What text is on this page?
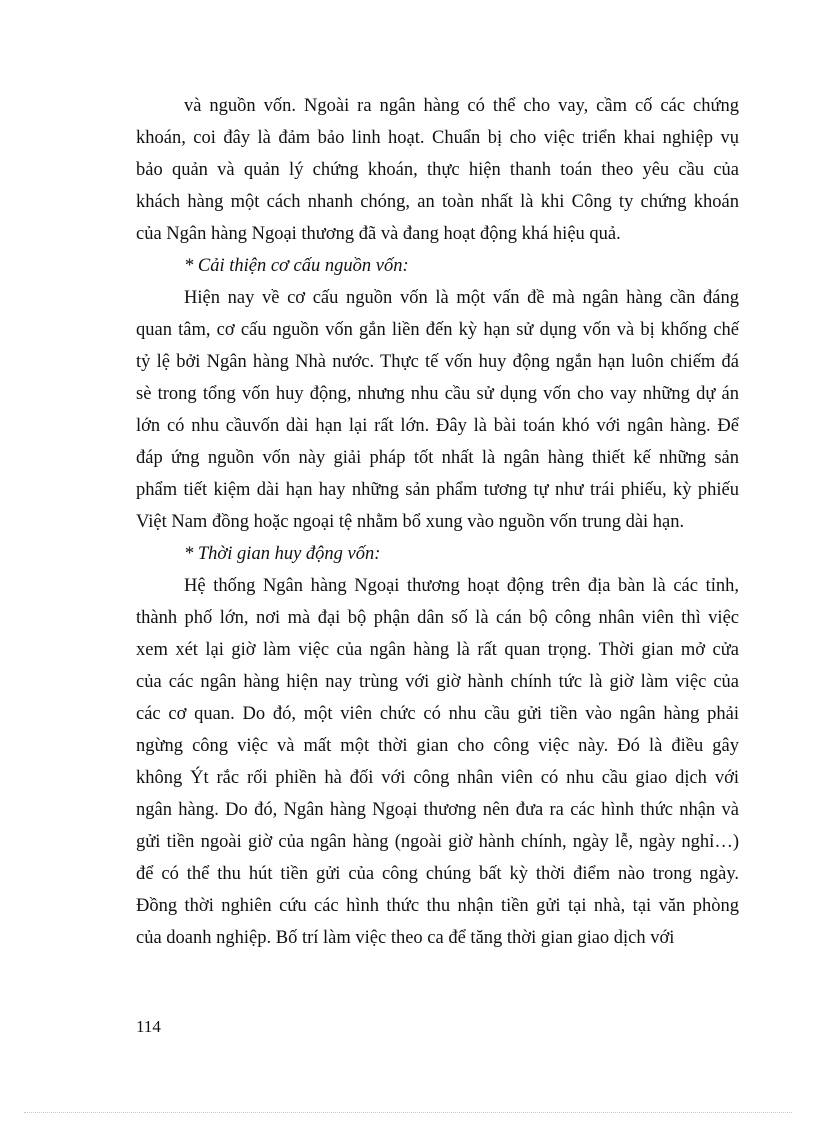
và nguồn vốn. Ngoài ra ngân hàng có thể cho vay, cầm cố các chứng
khoán, coi đây là đảm bảo linh hoạt. Chuẩn bị cho việc triển khai nghiệp vụ
bảo quản và quản lý chứng khoán, thực hiện thanh toán theo yêu cầu của
khách hàng một cách nhanh chóng, an toàn nhất là khi Công ty chứng khoán
của Ngân hàng Ngoại thương đã và đang hoạt động khá hiệu quả.
* Cải thiện cơ cấu nguồn vốn:
Hiện nay về cơ cấu nguồn vốn là một vấn đề mà ngân hàng cần đáng
quan tâm, cơ cấu nguồn vốn gắn liền đến kỳ hạn sử dụng vốn và bị khống chế
tỷ lệ bởi Ngân hàng Nhà nước. Thực tế vốn huy động ngắn hạn luôn chiếm đá
sè trong tổng vốn huy động, nhưng nhu cầu sử dụng vốn cho vay những dự án
lớn có nhu cầuvốn dài hạn lại rất lớn. Đây là bài toán khó với ngân hàng. Để
đáp ứng nguồn vốn này giải pháp tốt nhất là ngân hàng thiết kế những sản
phẩm tiết kiệm dài hạn hay những sản phẩm tương tự như trái phiếu, kỳ phiếu
Việt Nam đồng hoặc ngoại tệ nhằm bổ xung vào nguồn vốn trung dài hạn.
* Thời gian huy động vốn:
Hệ thống Ngân hàng Ngoại thương hoạt động trên địa bàn là các tỉnh,
thành phố lớn, nơi mà đại bộ phận dân số là cán bộ công nhân viên thì việc
xem xét lại giờ làm việc của ngân hàng là rất quan trọng. Thời gian mở cửa
của các ngân hàng hiện nay trùng với giờ hành chính tức là giờ làm việc của
các cơ quan. Do đó, một viên chức có nhu cầu gửi tiền vào ngân hàng phải
ngừng công việc và mất một thời gian cho công việc này. Đó là điều gây
không Ýt rắc rối phiền hà đối với công nhân viên có nhu cầu giao dịch với
ngân hàng. Do đó, Ngân hàng Ngoại thương nên đưa ra các hình thức nhận và
gửi tiền ngoài giờ của ngân hàng (ngoài giờ hành chính, ngày lễ, ngày nghỉ…)
để có thể thu hút tiền gửi của công chúng bất kỳ thời điểm nào trong ngày.
Đồng thời nghiên cứu các hình thức thu nhận tiền gửi tại nhà, tại văn phòng
của doanh nghiệp. Bố trí làm việc theo ca để tăng thời gian giao dịch với
114
